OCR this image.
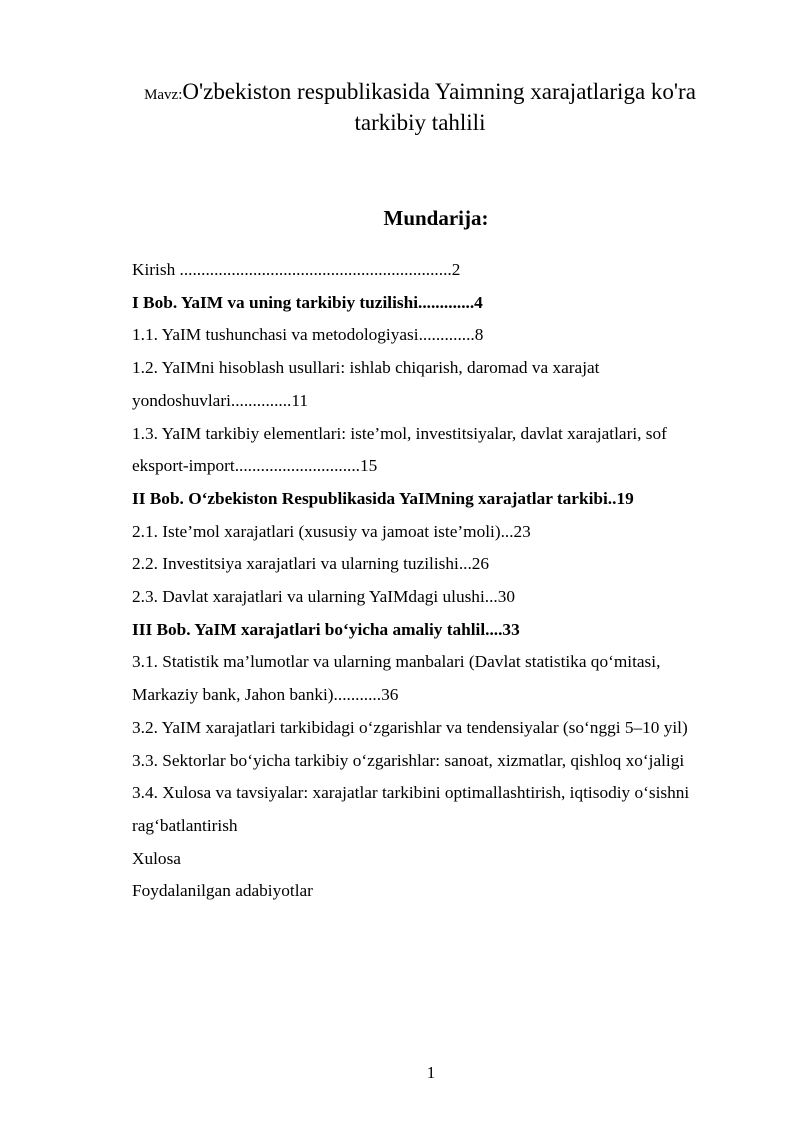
Mavz:O'zbekiston respublikasida Yaimning xarajatlariga ko'ra
tarkibiy tahlili
Mundarija:
Kirish ...............................................................2
I Bob. YaIM va uning tarkibiy tuzilishi.............4
1.1. YaIM tushunchasi va metodologiyasi.............8
1.2. YaIMni hisoblash usullari: ishlab chiqarish, daromad va xarajat
yondoshuvlari..............11
1.3. YaIM tarkibiy elementlari: iste’mol, investitsiyalar, davlat xarajatlari, sof
eksport-import.............................15
II Bob. O‘zbekiston Respublikasida YaIMning xarajatlar tarkibi..19
2.1. Iste’mol xarajatlari (xususiy va jamoat iste’moli)...23
2.2. Investitsiya xarajatlari va ularning tuzilishi...26
2.3. Davlat xarajatlari va ularning YaIMdagi ulushi...30
III Bob. YaIM xarajatlari bo‘yicha amaliy tahlil....33
3.1. Statistik ma’lumotlar va ularning manbalari (Davlat statistika qo‘mitasi,
Markaziy bank, Jahon banki)...........36
3.2. YaIM xarajatlari tarkibidagi o‘zgarishlar va tendensiyalar (so‘nggi 5–10 yil)
3.3. Sektorlar bo‘yicha tarkibiy o‘zgarishlar: sanoat, xizmatlar, qishloq xo‘jaligi
3.4. Xulosa va tavsiyalar: xarajatlar tarkibini optimallashtirish, iqtisodiy o‘sishni
rag‘batlantirish
Xulosa
Foydalanilgan adabiyotlar
1
